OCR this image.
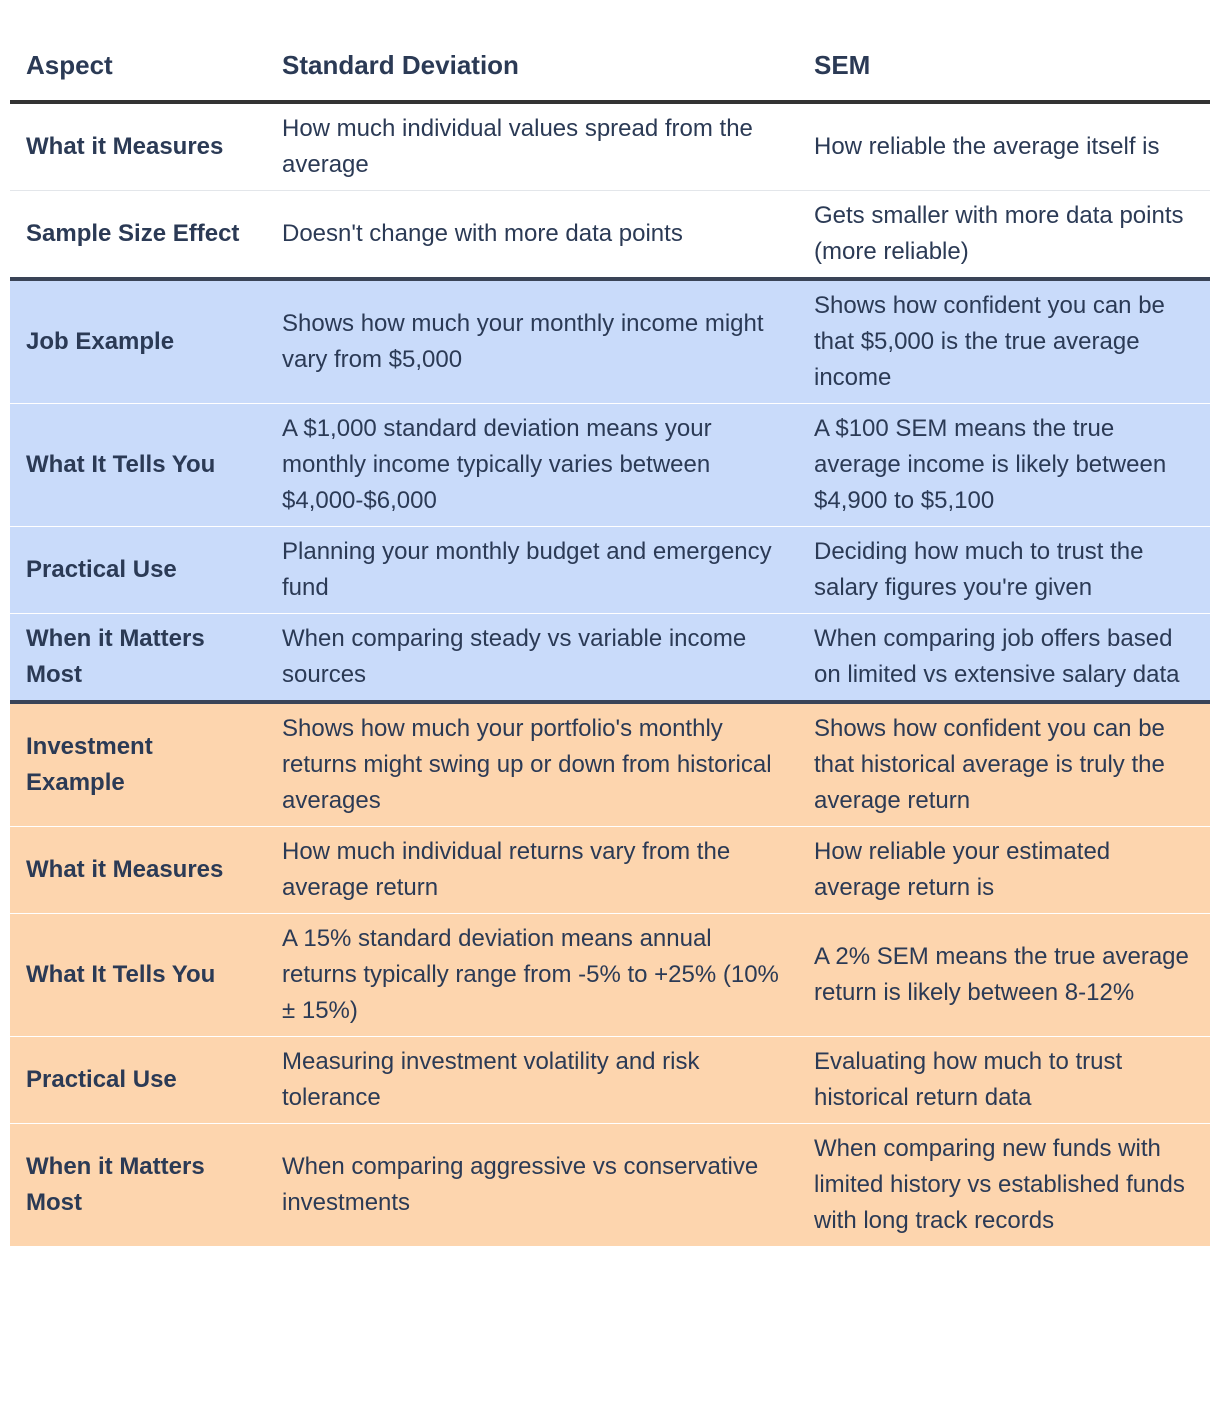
Aspect	Standard Deviation	SEM
What it Measures	How much individual values spread from the average	How reliable the average itself is
Sample Size Effect	Doesn't change with more data points	Gets smaller with more data points (more reliable)
Job Example	Shows how much your monthly income might vary from $5,000	Shows how confident you can be that $5,000 is the true average income
What It Tells You	A $1,000 standard deviation means your monthly income typically varies between $4,000-$6,000	A $100 SEM means the true average income is likely between $4,900 to $5,100
Practical Use	Planning your monthly budget and emergency fund	Deciding how much to trust the salary figures you're given
When it Matters Most	When comparing steady vs variable income sources	When comparing job offers based on limited vs extensive salary data
Investment Example	Shows how much your portfolio's monthly returns might swing up or down from historical averages	Shows how confident you can be that historical average is truly the average return
What it Measures	How much individual returns vary from the average return	How reliable your estimated average return is
What It Tells You	A 15% standard deviation means annual returns typically range from -5% to +25% (10% ± 15%)	A 2% SEM means the true average return is likely between 8-12%
Practical Use	Measuring investment volatility and risk tolerance	Evaluating how much to trust historical return data
When it Matters Most	When comparing aggressive vs conservative investments	When comparing new funds with limited history vs established funds with long track records
